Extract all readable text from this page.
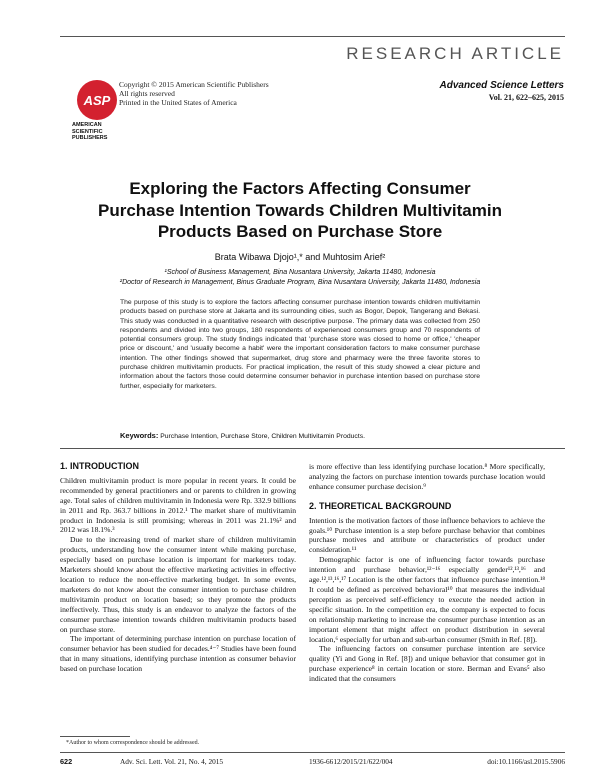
RESEARCH ARTICLE
ASP
AMERICAN SCIENTIFIC PUBLISHERS
Copyright © 2015 American Scientific Publishers
All rights reserved
Printed in the United States of America
Advanced Science Letters
Vol. 21, 622–625, 2015
Exploring the Factors Affecting Consumer
Purchase Intention Towards Children Multivitamin
Products Based on Purchase Store
Brata Wibawa Djojo¹,* and Muhtosim Arief²
¹School of Business Management, Bina Nusantara University, Jakarta 11480, Indonesia
²Doctor of Research in Management, Binus Graduate Program, Bina Nusantara University, Jakarta 11480, Indonesia
The purpose of this study is to explore the factors affecting consumer purchase intention towards children multivitamin products based on purchase store at Jakarta and its surrounding cities, such as Bogor, Depok, Tangerang and Bekasi. This study was conducted in a quantitative research with descriptive purpose. The primary data was collected from 250 respondents and divided into two groups, 180 respondents of experienced consumers group and 70 respondents of potential consumers group. The study findings indicated that 'purchase store was closed to home or office,' 'cheaper price or discount,' and 'usually become a habit' were the important consideration factors to make consumer purchase intention. The other findings showed that supermarket, drug store and pharmacy were the three favorite stores to purchase children multivitamin products. For practical implication, the result of this study showed a clear picture and information about the factors those could determine consumer behavior in purchase intention based on purchase store further, especially for marketers.
Keywords: Purchase Intention, Purchase Store, Children Multivitamin Products.
1. INTRODUCTION

Children multivitamin product is more popular in recent years. It could be recommended by general practitioners and or parents to children in growing age. Total sales of children multivitamin in Indonesia were Rp. 332.9 billions in 2011 and Rp. 363.7 billions in 2012.¹ The market share of multivitamin product in Indonesia is still promising; whereas in 2011 was 21.1%² and 2012 was 18.1%.³

Due to the increasing trend of market share of children multivitamin products, understanding how the consumer intent while making purchase, especially based on purchase location is important for marketers today. Marketers should know about the effective marketing activities in effective location to reduce the non-effective marketing budget. In some events, marketers do not know about the consumer intention to purchase children multivitamin product on location based; so they promote the products ineffectively. Thus, this study is an endeavor to analyze the factors of the consumer purchase intention towards children multivitamin products based on purchase store.

The important of determining purchase intention on purchase location of consumer behavior has been studied for decades.⁴⁻⁷ Studies have been found that in many situations, identifying purchase intention as consumer behavior based on purchase location

is more effective than less identifying purchase location.⁸ More specifically, analyzing the factors on purchase intention towards purchase location would enhance consumer purchase decision.⁹

2. THEORETICAL BACKGROUND

Intention is the motivation factors of those influence behaviors to achieve the goals.¹⁰ Purchase intention is a step before purchase behavior that combines purchase motives and attribute or characteristics of product under consideration.¹¹

Demographic factor is one of influencing factor towards purchase intention and purchase behavior,¹²⁻¹⁶ especially gender¹²,¹³,¹⁶ and age.¹²,¹³,¹⁶,¹⁷ Location is the other factors that influence purchase intention.¹⁸ It could be defined as perceived behavioral¹⁰ that measures the individual perception as perceived self-efficiency to execute the needed action in specific situation. In the competition era, the company is expected to focus on relationship marketing to increase the consumer purchase intention as an important element that might affect on product distribution in several location,⁶ especially for urban and sub-urban consumer (Smith in Ref. [8]).

The influencing factors on consumer purchase intention are service quality (Yi and Gong in Ref. [8]) and unique behavior that consumer got in purchase experience⁸ in certain location or store. Berman and Evans⁵ also indicated that the consumers

*Author to whom correspondence should be addressed.
622	Adv. Sci. Lett. Vol. 21, No. 4, 2015	1936-6612/2015/21/622/004	doi:10.1166/asl.2015.5906
